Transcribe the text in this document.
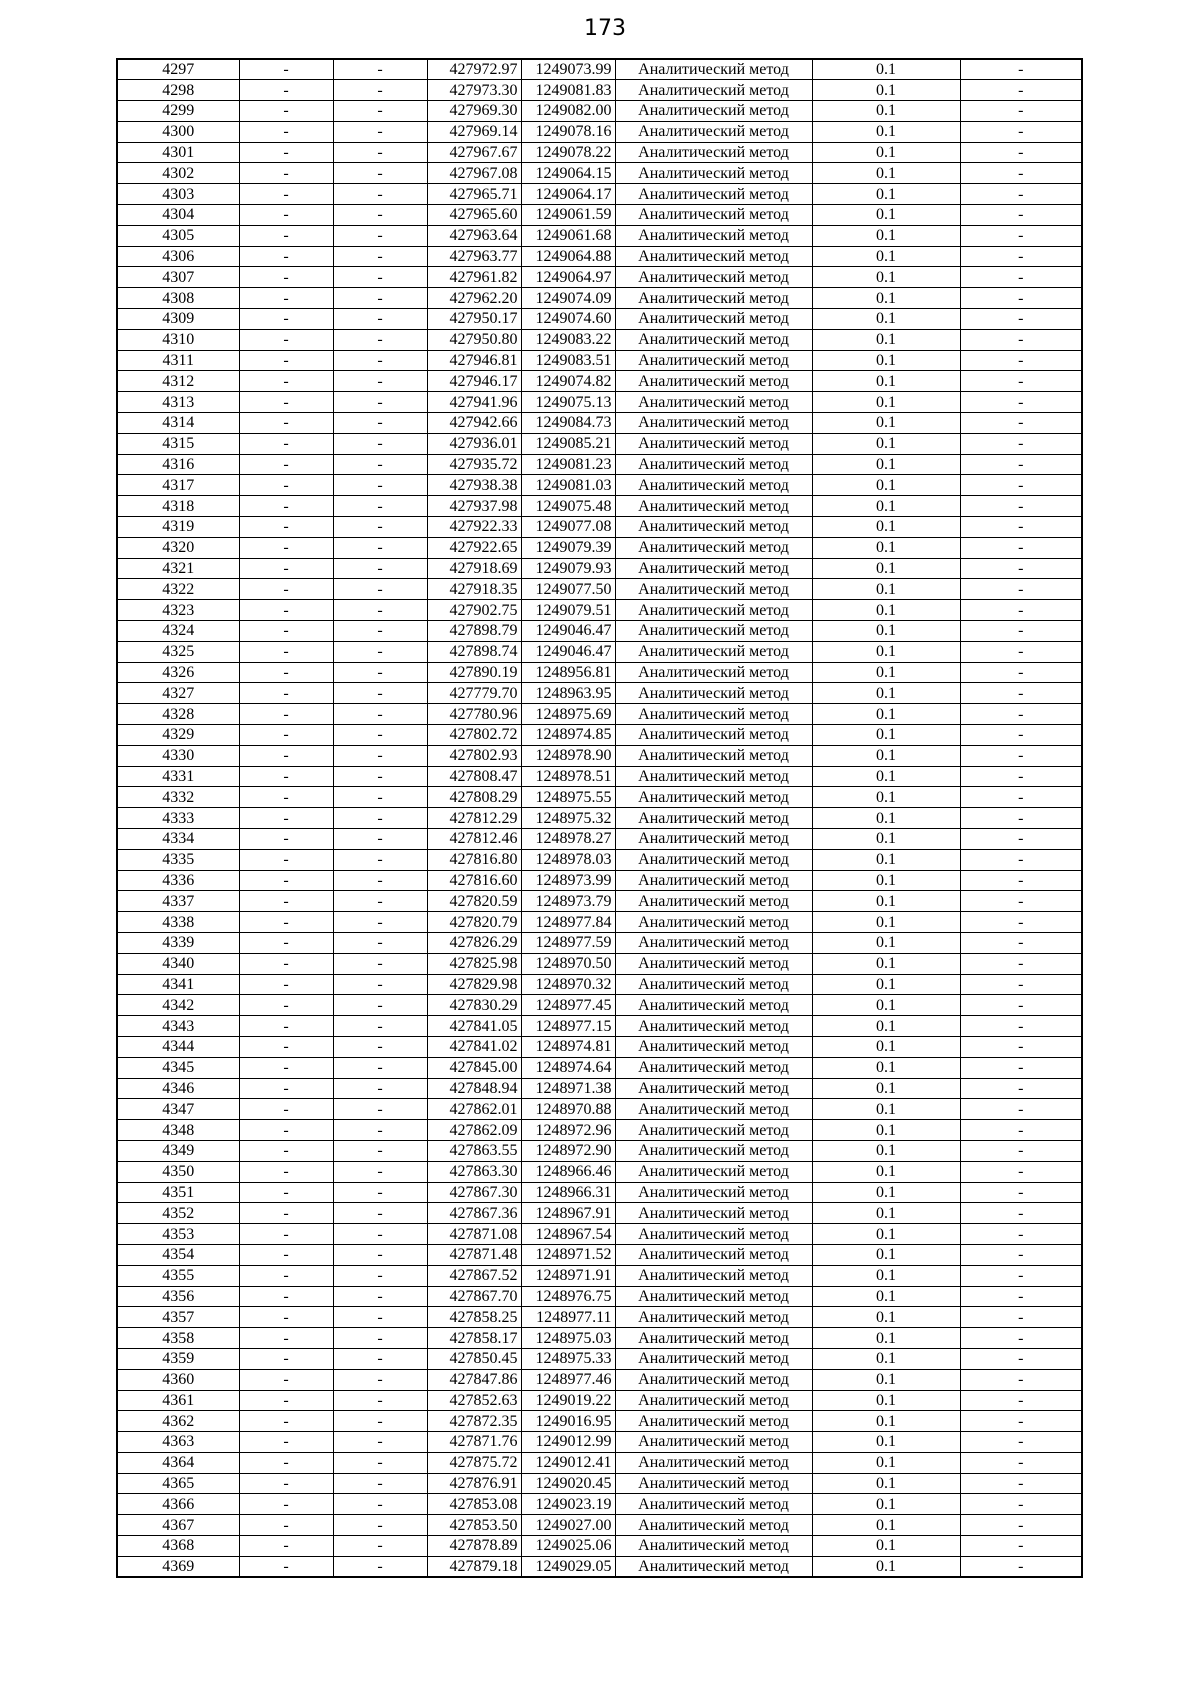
173
4297	-	-	427972.97	1249073.99	Аналитический метод	0.1	-
4298	-	-	427973.30	1249081.83	Аналитический метод	0.1	-
4299	-	-	427969.30	1249082.00	Аналитический метод	0.1	-
4300	-	-	427969.14	1249078.16	Аналитический метод	0.1	-
4301	-	-	427967.67	1249078.22	Аналитический метод	0.1	-
4302	-	-	427967.08	1249064.15	Аналитический метод	0.1	-
4303	-	-	427965.71	1249064.17	Аналитический метод	0.1	-
4304	-	-	427965.60	1249061.59	Аналитический метод	0.1	-
4305	-	-	427963.64	1249061.68	Аналитический метод	0.1	-
4306	-	-	427963.77	1249064.88	Аналитический метод	0.1	-
4307	-	-	427961.82	1249064.97	Аналитический метод	0.1	-
4308	-	-	427962.20	1249074.09	Аналитический метод	0.1	-
4309	-	-	427950.17	1249074.60	Аналитический метод	0.1	-
4310	-	-	427950.80	1249083.22	Аналитический метод	0.1	-
4311	-	-	427946.81	1249083.51	Аналитический метод	0.1	-
4312	-	-	427946.17	1249074.82	Аналитический метод	0.1	-
4313	-	-	427941.96	1249075.13	Аналитический метод	0.1	-
4314	-	-	427942.66	1249084.73	Аналитический метод	0.1	-
4315	-	-	427936.01	1249085.21	Аналитический метод	0.1	-
4316	-	-	427935.72	1249081.23	Аналитический метод	0.1	-
4317	-	-	427938.38	1249081.03	Аналитический метод	0.1	-
4318	-	-	427937.98	1249075.48	Аналитический метод	0.1	-
4319	-	-	427922.33	1249077.08	Аналитический метод	0.1	-
4320	-	-	427922.65	1249079.39	Аналитический метод	0.1	-
4321	-	-	427918.69	1249079.93	Аналитический метод	0.1	-
4322	-	-	427918.35	1249077.50	Аналитический метод	0.1	-
4323	-	-	427902.75	1249079.51	Аналитический метод	0.1	-
4324	-	-	427898.79	1249046.47	Аналитический метод	0.1	-
4325	-	-	427898.74	1249046.47	Аналитический метод	0.1	-
4326	-	-	427890.19	1248956.81	Аналитический метод	0.1	-
4327	-	-	427779.70	1248963.95	Аналитический метод	0.1	-
4328	-	-	427780.96	1248975.69	Аналитический метод	0.1	-
4329	-	-	427802.72	1248974.85	Аналитический метод	0.1	-
4330	-	-	427802.93	1248978.90	Аналитический метод	0.1	-
4331	-	-	427808.47	1248978.51	Аналитический метод	0.1	-
4332	-	-	427808.29	1248975.55	Аналитический метод	0.1	-
4333	-	-	427812.29	1248975.32	Аналитический метод	0.1	-
4334	-	-	427812.46	1248978.27	Аналитический метод	0.1	-
4335	-	-	427816.80	1248978.03	Аналитический метод	0.1	-
4336	-	-	427816.60	1248973.99	Аналитический метод	0.1	-
4337	-	-	427820.59	1248973.79	Аналитический метод	0.1	-
4338	-	-	427820.79	1248977.84	Аналитический метод	0.1	-
4339	-	-	427826.29	1248977.59	Аналитический метод	0.1	-
4340	-	-	427825.98	1248970.50	Аналитический метод	0.1	-
4341	-	-	427829.98	1248970.32	Аналитический метод	0.1	-
4342	-	-	427830.29	1248977.45	Аналитический метод	0.1	-
4343	-	-	427841.05	1248977.15	Аналитический метод	0.1	-
4344	-	-	427841.02	1248974.81	Аналитический метод	0.1	-
4345	-	-	427845.00	1248974.64	Аналитический метод	0.1	-
4346	-	-	427848.94	1248971.38	Аналитический метод	0.1	-
4347	-	-	427862.01	1248970.88	Аналитический метод	0.1	-
4348	-	-	427862.09	1248972.96	Аналитический метод	0.1	-
4349	-	-	427863.55	1248972.90	Аналитический метод	0.1	-
4350	-	-	427863.30	1248966.46	Аналитический метод	0.1	-
4351	-	-	427867.30	1248966.31	Аналитический метод	0.1	-
4352	-	-	427867.36	1248967.91	Аналитический метод	0.1	-
4353	-	-	427871.08	1248967.54	Аналитический метод	0.1	-
4354	-	-	427871.48	1248971.52	Аналитический метод	0.1	-
4355	-	-	427867.52	1248971.91	Аналитический метод	0.1	-
4356	-	-	427867.70	1248976.75	Аналитический метод	0.1	-
4357	-	-	427858.25	1248977.11	Аналитический метод	0.1	-
4358	-	-	427858.17	1248975.03	Аналитический метод	0.1	-
4359	-	-	427850.45	1248975.33	Аналитический метод	0.1	-
4360	-	-	427847.86	1248977.46	Аналитический метод	0.1	-
4361	-	-	427852.63	1249019.22	Аналитический метод	0.1	-
4362	-	-	427872.35	1249016.95	Аналитический метод	0.1	-
4363	-	-	427871.76	1249012.99	Аналитический метод	0.1	-
4364	-	-	427875.72	1249012.41	Аналитический метод	0.1	-
4365	-	-	427876.91	1249020.45	Аналитический метод	0.1	-
4366	-	-	427853.08	1249023.19	Аналитический метод	0.1	-
4367	-	-	427853.50	1249027.00	Аналитический метод	0.1	-
4368	-	-	427878.89	1249025.06	Аналитический метод	0.1	-
4369	-	-	427879.18	1249029.05	Аналитический метод	0.1	-
